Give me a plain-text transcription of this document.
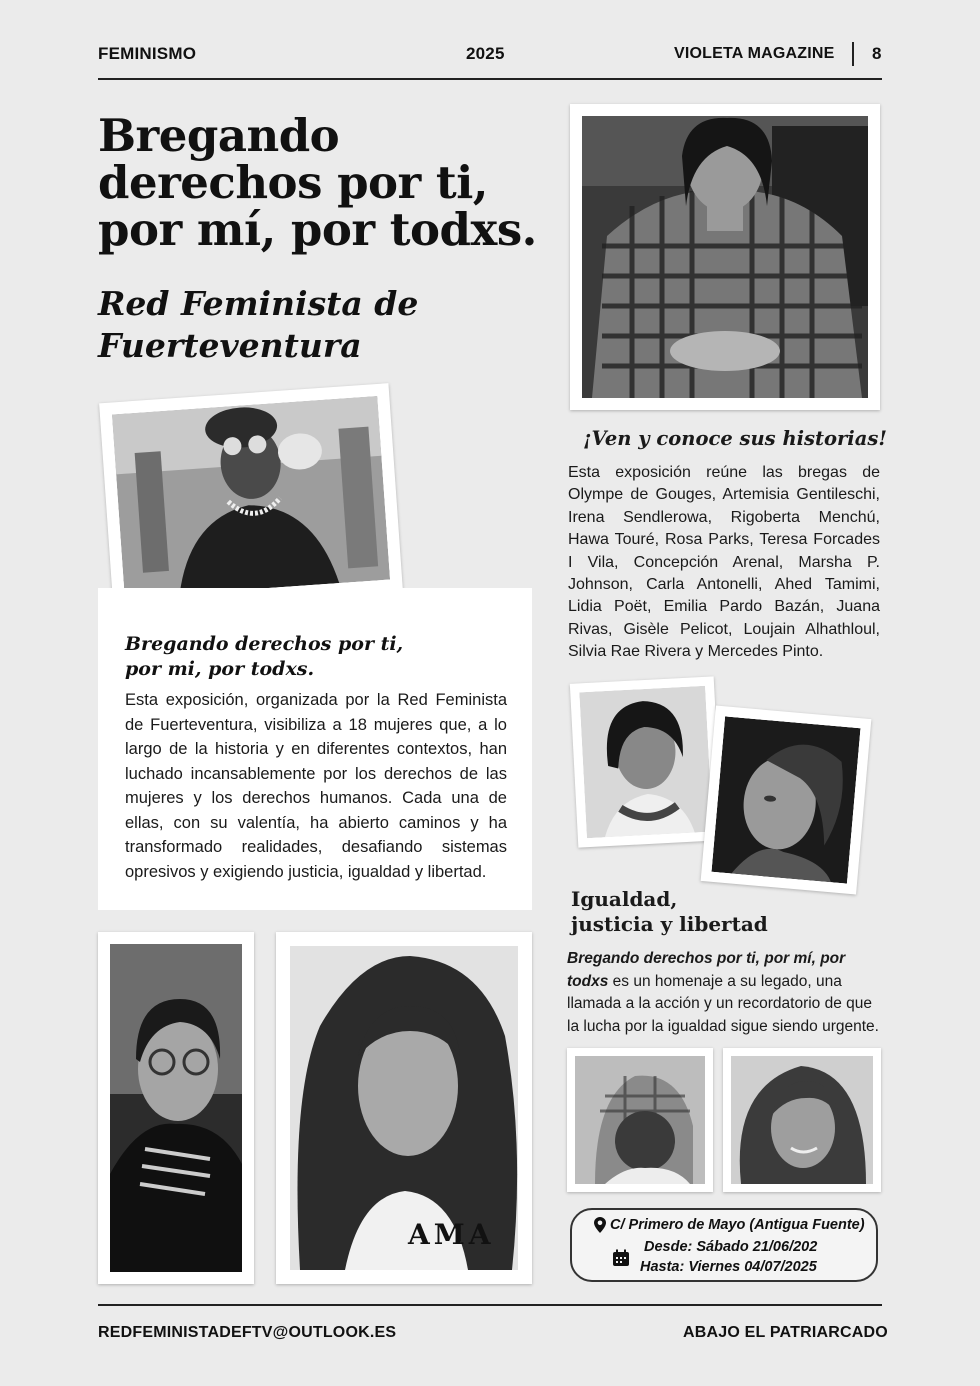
FEMINISMO	2025	VIOLETA MAGAZINE 8
Bregando derechos por ti, por mí, por todxs.
Red Feminista de Fuerteventura
Bregando derechos por ti, por mi, por todxs.
Esta exposición, organizada por la Red Feminista de Fuerteventura, visibiliza a 18 mujeres que, a lo largo de la historia y en diferentes contextos, han luchado incansablemente por los derechos de las mujeres y los derechos humanos. Cada una de ellas, con su valentía, ha abierto caminos y ha transformado realidades, desafiando sistemas opresivos y exigiendo justicia, igualdad y libertad.
¡Ven y conoce sus historias!
Esta exposición reúne las bregas de Olympe de Gouges, Artemisia Gentileschi, Irena Sendlerowa, Rigoberta Menchú, Hawa Touré, Rosa Parks, Teresa Forcades I Vila, Concepción Arenal, Marsha P. Johnson, Carla Antonelli, Ahed Tamimi, Lidia Poët, Emilia Pardo Bazán, Juana Rivas, Gisèle Pelicot, Loujain Alhathloul, Silvia Rae Rivera y Mercedes Pinto.
Igualdad,
justicia y libertad
Bregando derechos por ti, por mí, por todxs es un homenaje a su legado, una llamada a la acción y un recordatorio de que la lucha por la igualdad sigue siendo urgente.
AMA	C/ Primero de Mayo (Antigua Fuente)
Desde: Sábado 21/06/202
Hasta: Viernes 04/07/2025
REDFEMINISTADEFTV@OUTLOOK.ES	ABAJO EL PATRIARCADO
